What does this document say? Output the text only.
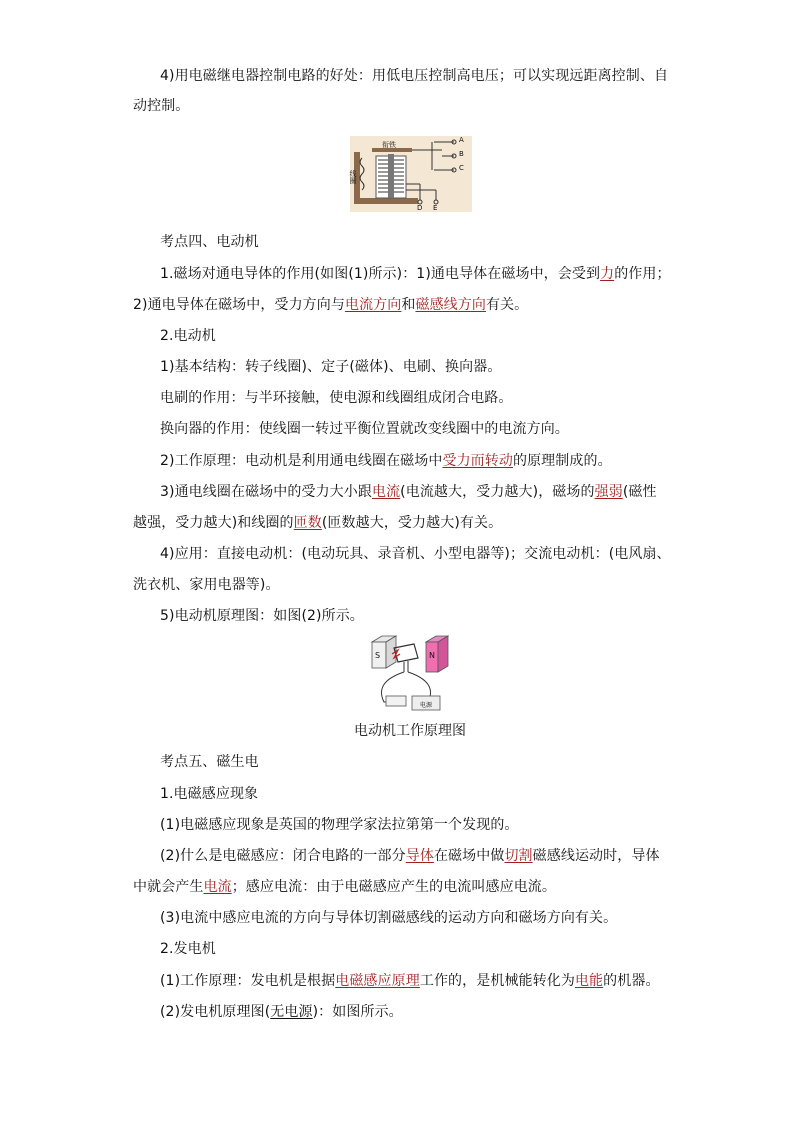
4)用电磁继电器控制电路的好处：用低电压控制高电压；可以实现远距离控制、自
动控制。
衔铁
线圈
A
B
C
D E
考点四、电动机
1.磁场对通电导体的作用(如图(1)所示)：1)通电导体在磁场中，会受到力的作用；
2)通电导体在磁场中，受力方向与电流方向和磁感线方向有关。
2.电动机
1)基本结构：转子线圈)、定子(磁体)、电刷、换向器。
电刷的作用：与半环接触，使电源和线圈组成闭合电路。
换向器的作用：使线圈一转过平衡位置就改变线圈中的电流方向。
2)工作原理：电动机是利用通电线圈在磁场中受力而转动的原理制成的。
3)通电线圈在磁场中的受力大小跟电流(电流越大，受力越大)，磁场的强弱(磁性
越强，受力越大)和线圈的匝数(匝数越大，受力越大)有关。
4)应用：直接电动机：(电动玩具、录音机、小型电器等)；交流电动机：(电风扇、
洗衣机、家用电器等)。
5)电动机原理图：如图(2)所示。
S	N
电源
电动机工作原理图
考点五、磁生电
1.电磁感应现象
(1)电磁感应现象是英国的物理学家法拉第第一个发现的。
(2)什么是电磁感应：闭合电路的一部分导体在磁场中做切割磁感线运动时，导体
中就会产生电流；感应电流：由于电磁感应产生的电流叫感应电流。
(3)电流中感应电流的方向与导体切割磁感线的运动方向和磁场方向有关。
2.发电机
(1)工作原理：发电机是根据电磁感应原理工作的，是机械能转化为电能的机器。
(2)发电机原理图(无电源)：如图所示。
